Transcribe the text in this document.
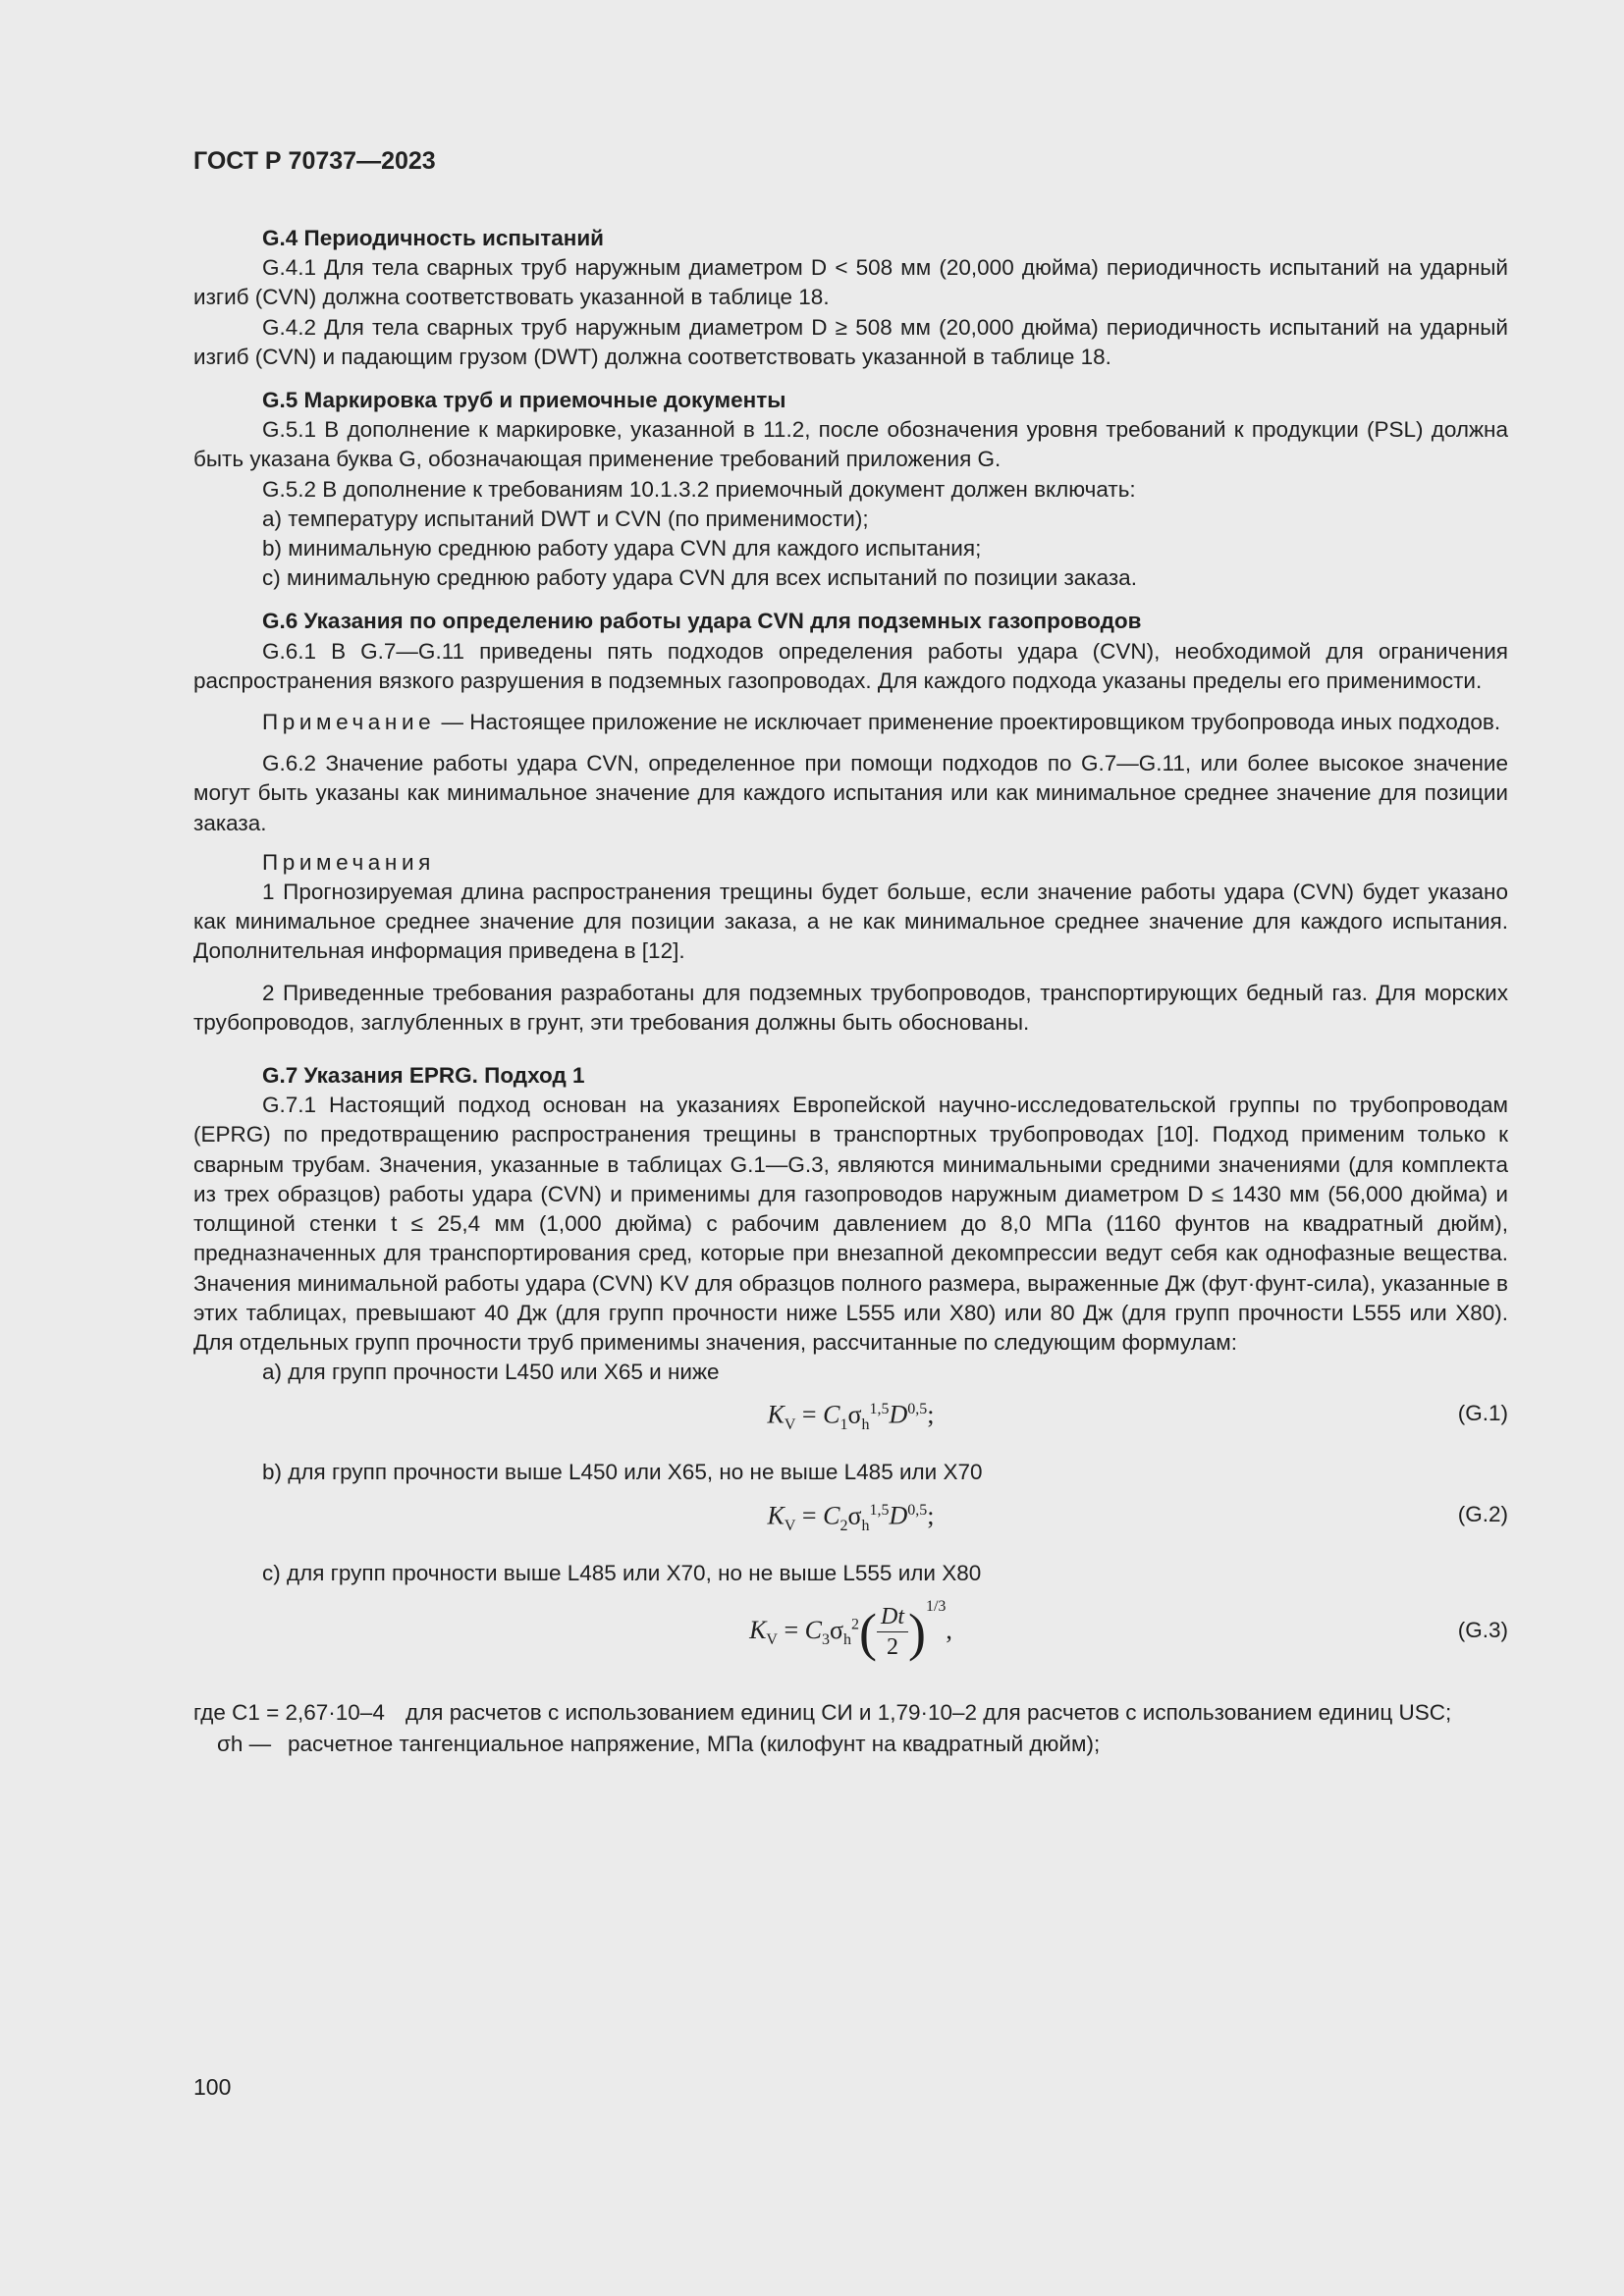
ГОСТ Р 70737—2023

G.4 Периодичность испытаний

G.4.1 Для тела сварных труб наружным диаметром D < 508 мм (20,000 дюйма) периодичность испытаний на ударный изгиб (CVN) должна соответствовать указанной в таблице 18.

G.4.2 Для тела сварных труб наружным диаметром D ≥ 508 мм (20,000 дюйма) периодичность испытаний на ударный изгиб (CVN) и падающим грузом (DWT) должна соответствовать указанной в таблице 18.

G.5 Маркировка труб и приемочные документы

G.5.1 В дополнение к маркировке, указанной в 11.2, после обозначения уровня требований к продукции (PSL) должна быть указана буква G, обозначающая применение требований приложения G.

G.5.2 В дополнение к требованиям 10.1.3.2 приемочный документ должен включать:

a) температуру испытаний DWT и CVN (по применимости);

b) минимальную среднюю работу удара CVN для каждого испытания;

c) минимальную среднюю работу удара CVN для всех испытаний по позиции заказа.

G.6 Указания по определению работы удара CVN для подземных газопроводов

G.6.1 В G.7—G.11 приведены пять подходов определения работы удара (CVN), необходимой для ограничения распространения вязкого разрушения в подземных газопроводах. Для каждого подхода указаны пределы его применимости.

Примечание — Настоящее приложение не исключает применение проектировщиком трубопровода иных подходов.

G.6.2 Значение работы удара CVN, определенное при помощи подходов по G.7—G.11, или более высокое значение могут быть указаны как минимальное значение для каждого испытания или как минимальное среднее значение для позиции заказа.

Примечания

1 Прогнозируемая длина распространения трещины будет больше, если значение работы удара (CVN) будет указано как минимальное среднее значение для позиции заказа, а не как минимальное среднее значение для каждого испытания. Дополнительная информация приведена в [12].

2 Приведенные требования разработаны для подземных трубопроводов, транспортирующих бедный газ. Для морских трубопроводов, заглубленных в грунт, эти требования должны быть обоснованы.

G.7 Указания EPRG. Подход 1

G.7.1 Настоящий подход основан на указаниях Европейской научно-исследовательской группы по трубопроводам (EPRG) по предотвращению распространения трещины в транспортных трубопроводах [10]. Подход применим только к сварным трубам. Значения, указанные в таблицах G.1—G.3, являются минимальными средними значениями (для комплекта из трех образцов) работы удара (CVN) и применимы для газопроводов наружным диаметром D ≤ 1430 мм (56,000 дюйма) и толщиной стенки t ≤ 25,4 мм (1,000 дюйма) с рабочим давлением до 8,0 МПа (1160 фунтов на квадратный дюйм), предназначенных для транспортирования сред, которые при внезапной декомпрессии ведут себя как однофазные вещества. Значения минимальной работы удара (CVN) KV для образцов полного размера, выраженные Дж (фут·фунт-сила), указанные в этих таблицах, превышают 40 Дж (для групп прочности ниже L555 или X80) или 80 Дж (для групп прочности L555 или X80). Для отдельных групп прочности труб применимы значения, рассчитанные по следующим формулам:

a) для групп прочности L450 или X65 и ниже

$K_V = C_1\sigma_h^{1,5}D^{0,5}$;	(G.1)

b) для групп прочности выше L450 или X65, но не выше L485 или X70

$K_V = C_2\sigma_h^{1,5}D^{0,5}$;	(G.2)

c) для групп прочности выше L485 или X70, но не выше L555 или X80

$K_V = C_3\sigma_h^2( \frac{Dt}{2} )^{1/3}$,	(G.3)

где C1 = 2,67·10–4 для расчетов с использованием единиц СИ и 1,79·10–2 для расчетов с использованием единиц USC;

σh — расчетное тангенциальное напряжение, МПа (килофунт на квадратный дюйм);

100
